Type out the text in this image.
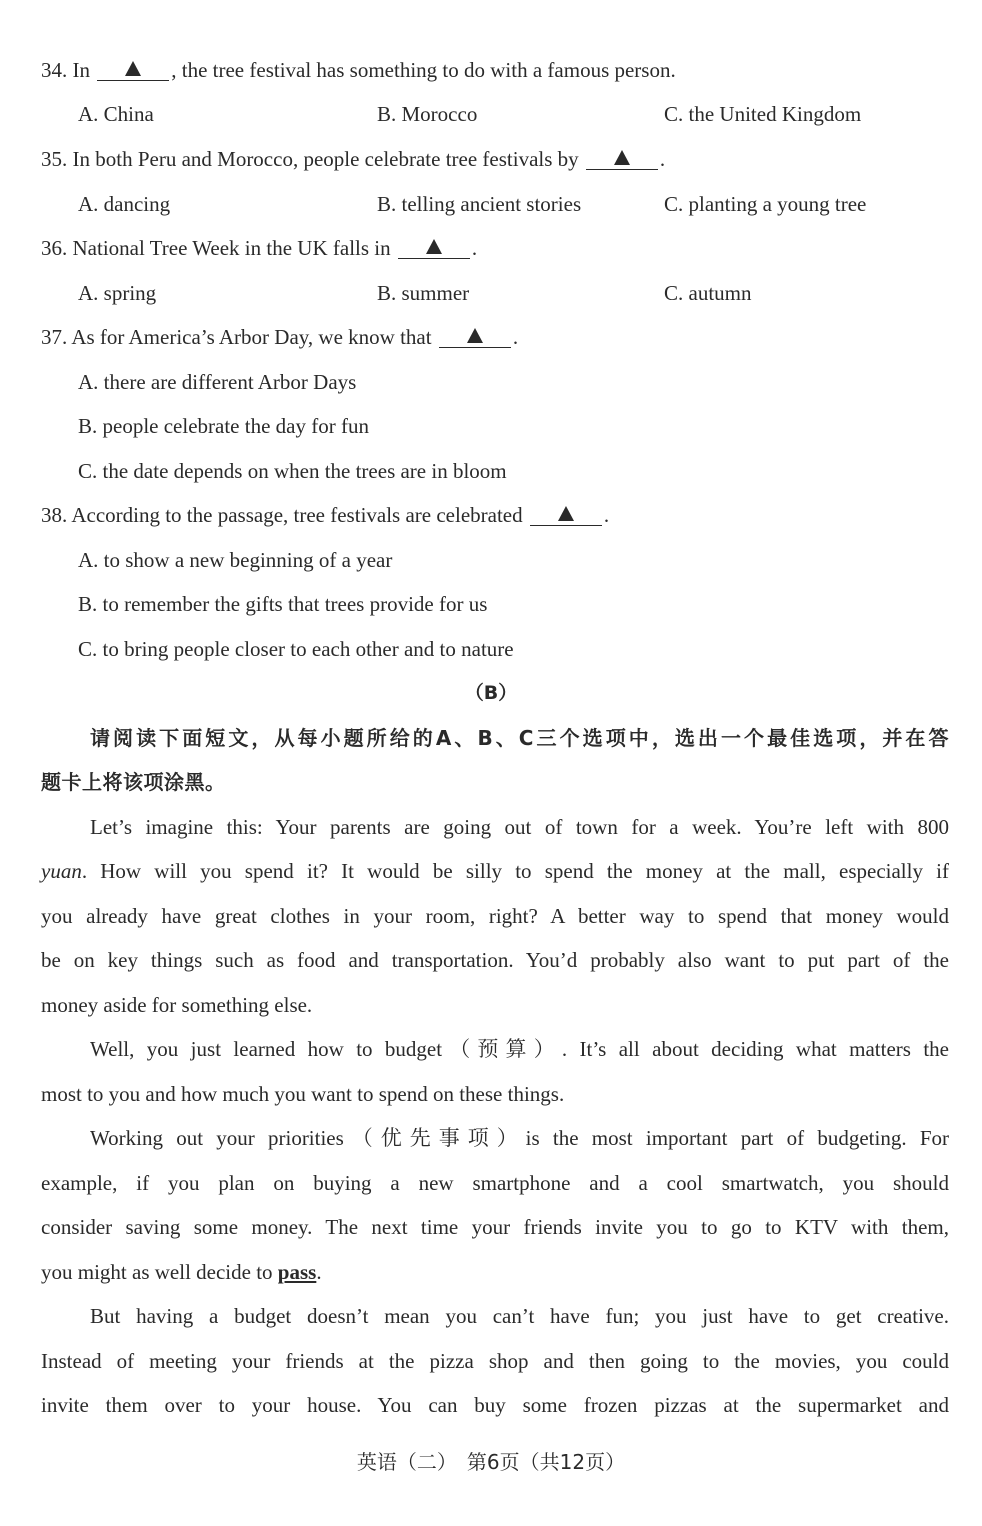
34. In	, the tree festival has something to do with a famous person.
A. China	B. Morocco	C. the United Kingdom
35. In both Peru and Morocco, people celebrate tree festivals by	.
A. dancing	B. telling ancient stories	C. planting a young tree
36. National Tree Week in the UK falls in	.
A. spring	B. summer	C. autumn
37. As for America’s Arbor Day, we know that	.
A. there are different Arbor Days
B. people celebrate the day for fun
C. the date depends on when the trees are in bloom
38. According to the passage, tree festivals are celebrated	.
A. to show a new beginning of a year
B. to remember the gifts that trees provide for us
C. to bring people closer to each other and to nature
（B）
请阅读下面短文，从每小题所给的A、B、C三个选项中，选出一个最佳选项，并在答
题卡上将该项涂黑。
Let’s imagine this: Your parents are going out of town for a week. You’re left with 800
yuan. How will you spend it? It would be silly to spend the money at the mall, especially if
you already have great clothes in your room, right? A better way to spend that money would
be on key things such as food and transportation. You’d probably also want to put part of the
money aside for something else.
Well, you just learned how to budget（预算）. It’s all about deciding what matters the
most to you and how much you want to spend on these things.
Working out your priorities（优先事项）is the most important part of budgeting. For
example, if you plan on buying a new smartphone and a cool smartwatch, you should
consider saving some money. The next time your friends invite you to go to KTV with them,
you might as well decide to pass.
But having a budget doesn’t mean you can’t have fun; you just have to get creative.
Instead of meeting your friends at the pizza shop and then going to the movies, you could
invite them over to your house. You can buy some frozen pizzas at the supermarket and
英语（二）　第6页（共12页）
